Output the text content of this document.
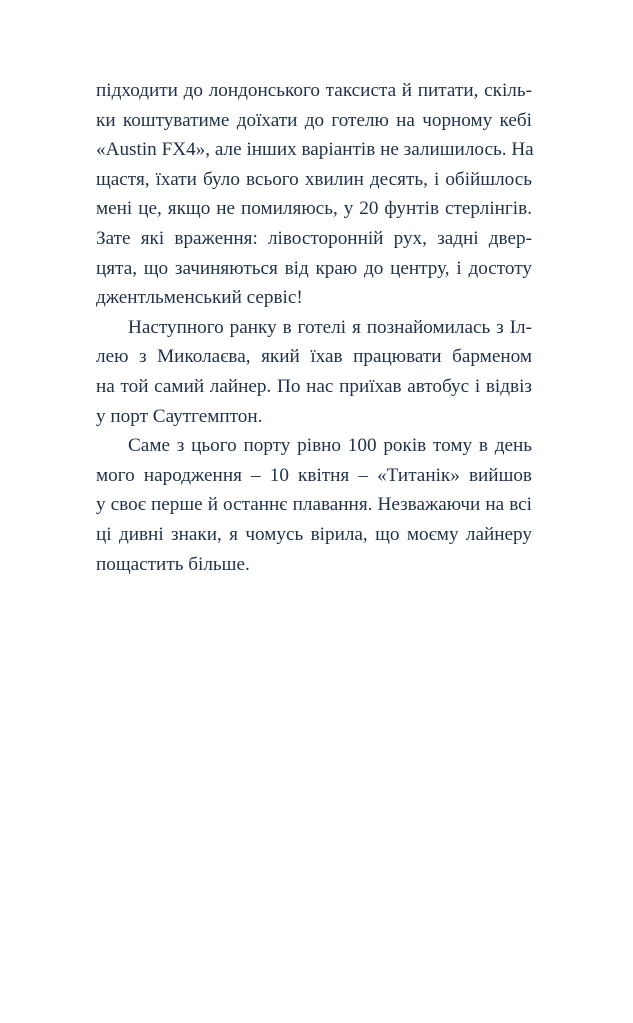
підходити до лондонського таксиста й питати, скіль-
ки коштуватиме доїхати до готелю на чорному кебі
«Austin FX4», але інших варіантів не залишилось. На
щастя, їхати було всього хвилин десять, і обійшлось
мені це, якщо не помиляюсь, у 20 фунтів стерлінгів.
Зате які враження: лівосторонній рух, задні двер-
цята, що зачиняються від краю до центру, і достоту
джентльменський сервіс!
Наступного ранку в готелі я познайомилась з Іл-
лею з Миколаєва, який їхав працювати барменом
на той самий лайнер. По нас приїхав автобус і відвіз
у порт Саутгемптон.
Саме з цього порту рівно 100 років тому в день
мого народження – 10 квітня – «Титанік» вийшов
у своє перше й останнє плавання. Незважаючи на всі
ці дивні знаки, я чомусь вірила, що моєму лайнеру
пощастить більше.
